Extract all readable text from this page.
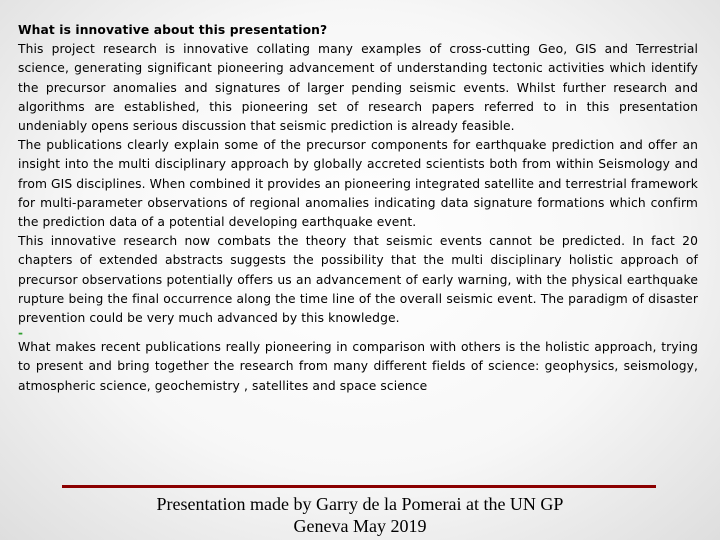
What is innovative about this presentation?

This project research is innovative collating many examples of cross-cutting Geo, GIS and Terrestrial science, generating significant pioneering advancement of understanding tectonic activities which identify the precursor anomalies and signatures of larger pending seismic events. Whilst further research and algorithms are established, this pioneering set of research papers referred to in this presentation undeniably opens serious discussion that seismic prediction is already feasible.

The publications clearly explain some of the precursor components for earthquake prediction and offer an insight into the multi disciplinary approach by globally accreted scientists both from within Seismology and from GIS disciplines. When combined it provides an pioneering integrated satellite and terrestrial framework for multi-parameter observations of regional anomalies indicating data signature formations which confirm the prediction data of a potential developing earthquake event.

This innovative research now combats the theory that seismic events cannot be predicted. In fact 20 chapters of extended abstracts suggests the possibility that the multi disciplinary holistic approach of precursor observations potentially offers us an advancement of early warning, with the physical earthquake rupture being the final occurrence along the time line of the overall seismic event. The paradigm of disaster prevention could be very much advanced by this knowledge.

-

What makes recent publications really pioneering in comparison with others is the holistic approach, trying to present and bring together the research from many different fields of science: geophysics, seismology, atmospheric science, geochemistry , satellites and space science

Presentation made by Garry de la Pomerai at the UN GP
Geneva May 2019
